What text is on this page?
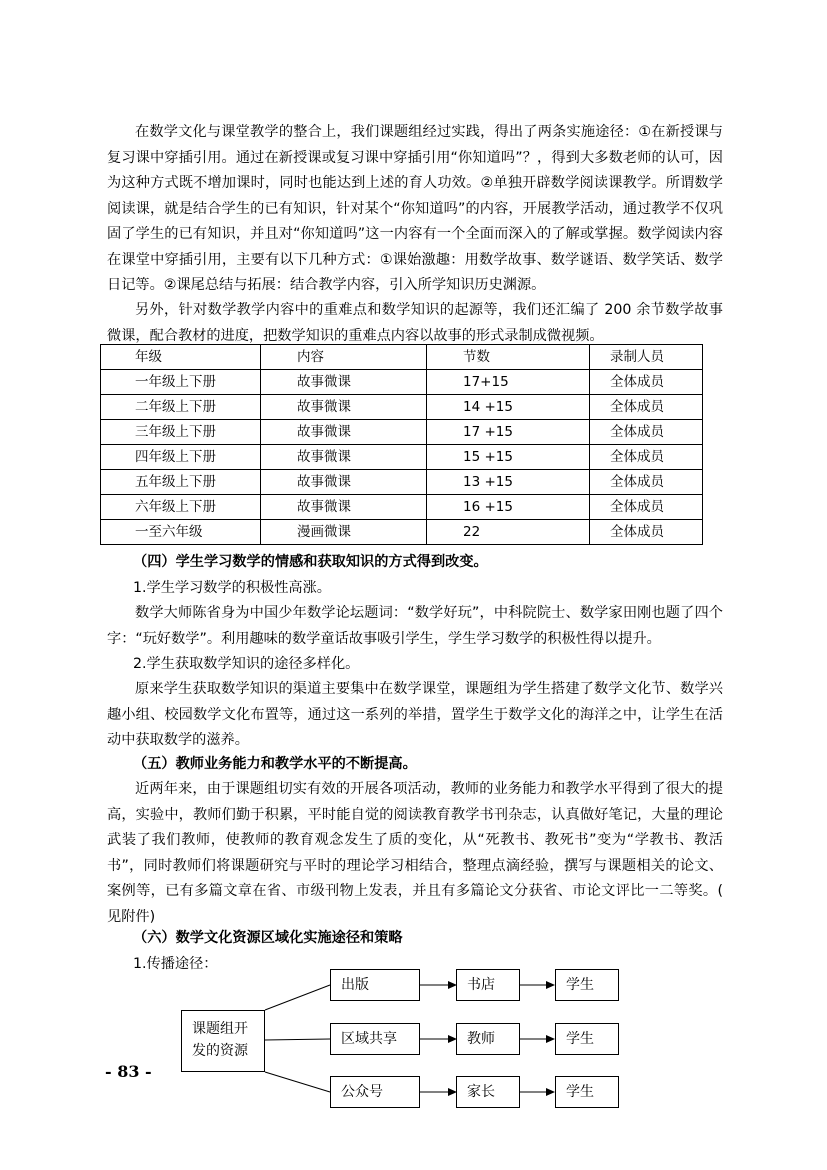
在数学文化与课堂教学的整合上，我们课题组经过实践，得出了两条实施途径：①在新授课与复习课中穿插引用。通过在新授课或复习课中穿插引用“你知道吗”？，得到大多数老师的认可，因为这种方式既不增加课时，同时也能达到上述的育人功效。②单独开辟数学阅读课教学。所谓数学阅读课，就是结合学生的已有知识，针对某个“你知道吗”的内容，开展教学活动，通过教学不仅巩固了学生的已有知识，并且对“你知道吗”这一内容有一个全面而深入的了解或掌握。数学阅读内容在课堂中穿插引用，主要有以下几种方式：①课始激趣：用数学故事、数学谜语、数学笑话、数学日记等。②课尾总结与拓展：结合教学内容，引入所学知识历史渊源。

另外，针对数学教学内容中的重难点和数学知识的起源等，我们还汇编了 200 余节数学故事微课，配合教材的进度，把数学知识的重难点内容以故事的形式录制成微视频。

年级	内容	节数	录制人员
一年级上下册	故事微课	17+15	全体成员
二年级上下册	故事微课	14 +15	全体成员
三年级上下册	故事微课	17 +15	全体成员
四年级上下册	故事微课	15 +15	全体成员
五年级上下册	故事微课	13 +15	全体成员
六年级上下册	故事微课	16 +15	全体成员
一至六年级	漫画微课	22	全体成员

（四）学生学习数学的情感和获取知识的方式得到改变。

1.学生学习数学的积极性高涨。

数学大师陈省身为中国少年数学论坛题词：“数学好玩”，中科院院士、数学家田刚也题了四个字：“玩好数学”。利用趣味的数学童话故事吸引学生，学生学习数学的积极性得以提升。

2.学生获取数学知识的途径多样化。

原来学生获取数学知识的渠道主要集中在数学课堂，课题组为学生搭建了数学文化节、数学兴趣小组、校园数学文化布置等，通过这一系列的举措，置学生于数学文化的海洋之中，让学生在活动中获取数学的滋养。

（五）教师业务能力和教学水平的不断提高。

近两年来，由于课题组切实有效的开展各项活动，教师的业务能力和教学水平得到了很大的提高，实验中，教师们勤于积累，平时能自觉的阅读教育教学书刊杂志，认真做好笔记，大量的理论武装了我们教师，使教师的教育观念发生了质的变化，从“死教书、教死书”变为“学教书、教活书”，同时教师们将课题研究与平时的理论学习相结合，整理点滴经验，撰写与课题相关的论文、案例等，已有多篇文章在省、市级刊物上发表，并且有多篇论文分获省、市论文评比一二等奖。( 见附件)

（六）数学文化资源区域化实施途径和策略

1.传播途径：

课题组开
发的资源
出版	书店	学生
区域共享	教师	学生
公众号	家长	学生
- 83 -
